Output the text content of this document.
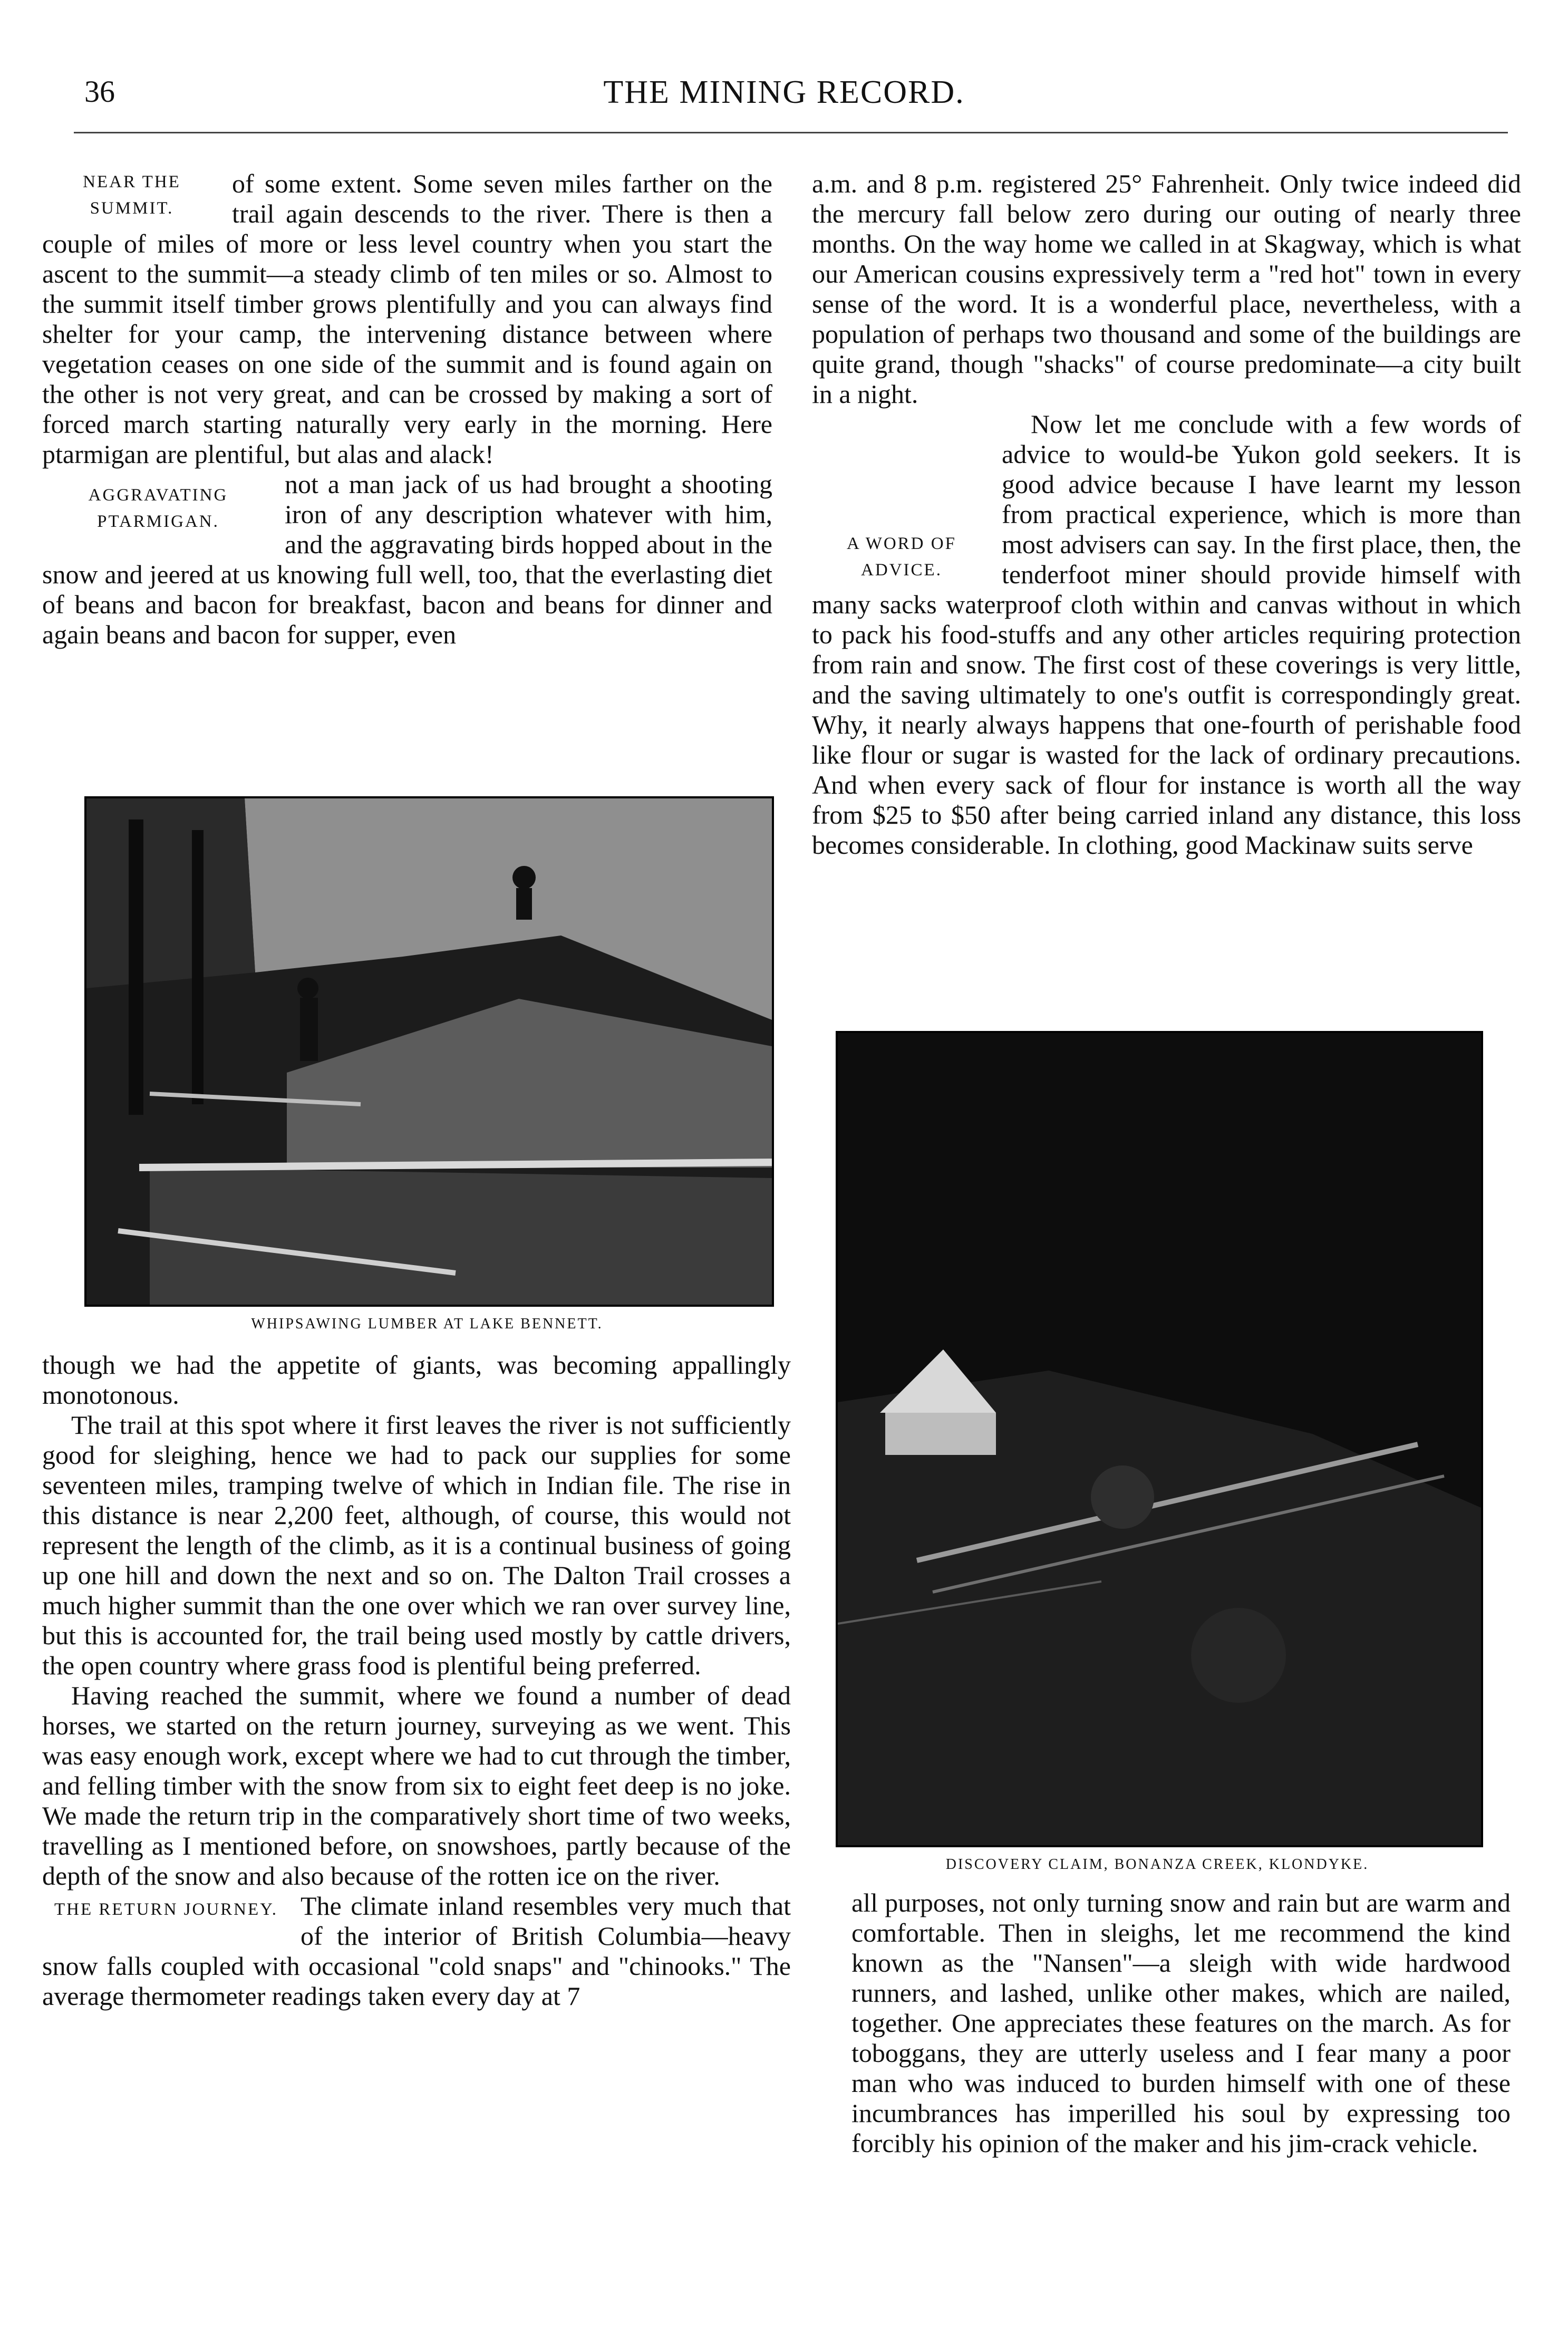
36	THE MINING RECORD.
NEAR THE SUMMIT.

of some extent. Some seven miles farther on the trail again descends to the river. There is then a couple of miles of more or less level country when you start the ascent to the summit—a steady climb of ten miles or so. Almost to the summit itself timber grows plentifully and you can always find shelter for your camp, the intervening distance between where vegetation ceases on one side of the summit and is found again on the other is not very great, and can be crossed by making a sort of forced march starting naturally very early in the morning. Here ptarmigan are plentiful, but alas and alack!

AGGRAVATING PTARMIGAN.

not a man jack of us had brought a shooting iron of any description whatever with him, and the aggravating birds hopped about in the snow and jeered at us knowing full well, too, that the everlasting diet of beans and bacon for breakfast, bacon and beans for dinner and again beans and bacon for supper, even

WHIPSAWING LUMBER AT LAKE BENNETT.

though we had the appetite of giants, was becoming appallingly monotonous.

The trail at this spot where it first leaves the river is not sufficiently good for sleighing, hence we had to pack our supplies for some seventeen miles, tramping twelve of which in Indian file. The rise in this distance is near 2,200 feet, although, of course, this would not represent the length of the climb, as it is a continual business of going up one hill and down the next and so on. The Dalton Trail crosses a much higher summit than the one over which we ran over survey line, but this is accounted for, the trail being used mostly by cattle drivers, the open country where grass food is plentiful being preferred.

Having reached the summit, where we found a number of dead horses, we started on the return journey, surveying as we went. This was easy enough work, except where we had to cut through the timber, and felling timber with the snow from six to eight feet deep is no joke. We made the return trip in the comparatively short time of two weeks, travelling as I mentioned before, on snowshoes, partly because of the depth of the snow and also because of the rotten ice on the river.

THE RETURN JOURNEY. The climate inland resembles very much that of the interior of British Columbia—heavy snow falls coupled with occasional "cold snaps" and "chinooks." The average thermometer readings taken every day at 7

a.m. and 8 p.m. registered 25° Fahrenheit. Only twice indeed did the mercury fall below zero during our outing of nearly three months. On the way home we called in at Skagway, which is what our American cousins expressively term a "red hot" town in every sense of the word. It is a wonderful place, nevertheless, with a population of perhaps two thousand and some of the buildings are quite grand, though "shacks" of course predominate—a city built in a night.

A WORD OF ADVICE.

Now let me conclude with a few words of advice to would-be Yukon gold seekers. It is good advice because I have learnt my lesson from practical experience, which is more than most advisers can say. In the first place, then, the tenderfoot miner should provide himself with many sacks waterproof cloth within and canvas without in which to pack his food-stuffs and any other articles requiring protection from rain and snow. The first cost of these coverings is very little, and the saving ultimately to one's outfit is correspondingly great. Why, it nearly always happens that one-fourth of perishable food like flour or sugar is wasted for the lack of ordinary precautions. And when every sack of flour for instance is worth all the way from $25 to $50 after being carried inland any distance, this loss becomes considerable. In clothing, good Mackinaw suits serve

DISCOVERY CLAIM, BONANZA CREEK, KLONDYKE.

all purposes, not only turning snow and rain but are warm and comfortable. Then in sleighs, let me recommend the kind known as the "Nansen"—a sleigh with wide hardwood runners, and lashed, unlike other makes, which are nailed, together. One appreciates these features on the march. As for toboggans, they are utterly useless and I fear many a poor man who was induced to burden himself with one of these incumbrances has imperilled his soul by expressing too forcibly his opinion of the maker and his jim-crack vehicle.
